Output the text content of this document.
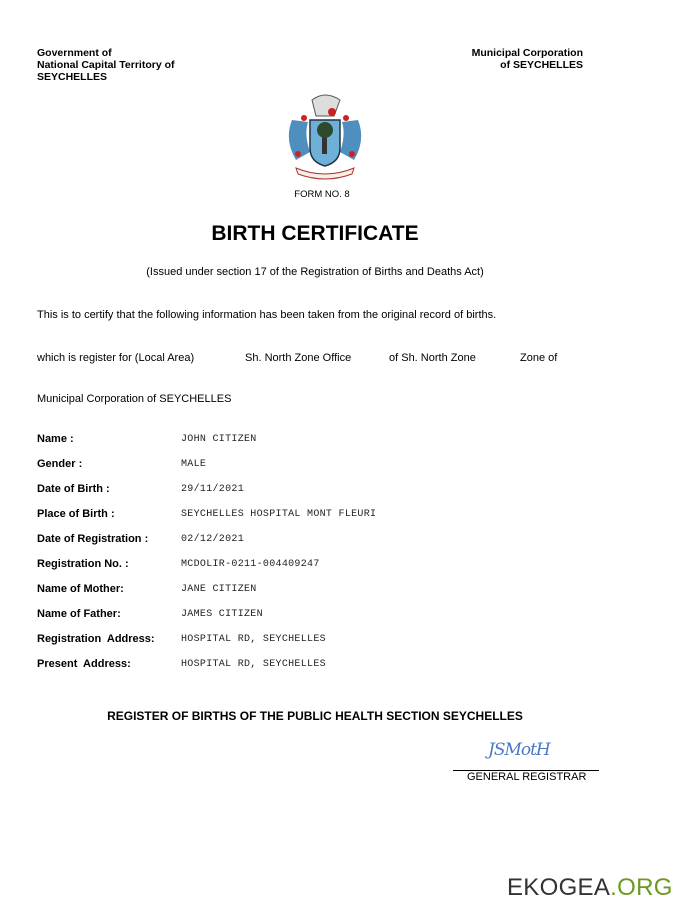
Government of
National Capital Territory of
SEYCHELLES
Municipal Corporation
of SEYCHELLES
FORM NO. 8
BIRTH CERTIFICATE
(Issued under section 17 of the Registration of Births and Deaths Act)
This is to certify that the following information has been taken from the original record of births.
which is register for (Local Area)	Sh. North Zone Office	of Sh. North Zone	Zone of
Municipal Corporation of SEYCHELLES
Name :	JOHN CITIZEN
Gender :	MALE
Date of Birth :	29/11/2021
Place of Birth :	SEYCHELLES HOSPITAL MONT FLEURI
Date of Registration :	02/12/2021
Registration No. :	MCDOLIR-0211-004409247
Name of Mother:	JANE CITIZEN
Name of Father:	JAMES CITIZEN
Registration  Address:	HOSPITAL RD, SEYCHELLES
Present  Address:	HOSPITAL RD, SEYCHELLES
REGISTER OF BIRTHS OF THE PUBLIC HEALTH SECTION SEYCHELLES
JSMotH
GENERAL REGISTRAR
EKOGEA.ORG
